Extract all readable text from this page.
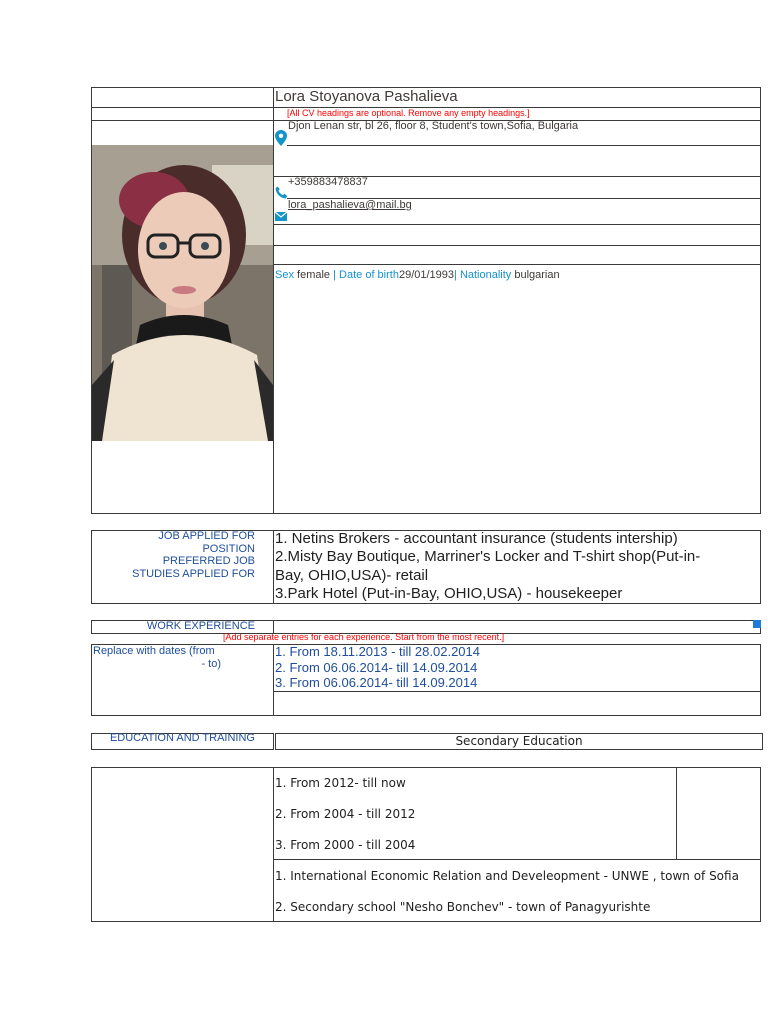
Lora Stoyanova Pashalieva
[All CV headings are optional. Remove any empty headings.]
Djon Lenan str, bl 26, floor 8, Student's town,Sofia, Bulgaria
+359883478837
lora_pashalieva@mail.bg
Sex female | Date of birth29/01/1993| Nationality bulgarian
JOB APPLIED FOR
POSITION
PREFERRED JOB
STUDIES APPLIED FOR
1. Netins Brokers - accountant insurance (students intership)
2.Misty Bay Boutique, Marriner's Locker and T-shirt shop(Put-in-
Bay, OHIO,USA)- retail
3.Park Hotel (Put-in-Bay, OHIO,USA) - housekeeper
WORK EXPERIENCE
[Add separate entries for each experience. Start from the most recent.]
Replace with dates (from
- to)
1. From 18.11.2013 - till 28.02.2014
2. From 06.06.2014- till 14.09.2014
3. From 06.06.2014- till 14.09.2014
EDUCATION AND TRAINING	Secondary Education
1. From 2012- till now
2. From 2004 - till 2012
3. From 2000 - till 2004
1. International Economic Relation and Develeopment - UNWE , town of Sofia
2. Secondary school "Nesho Bonchev" - town of Panagyurishte
